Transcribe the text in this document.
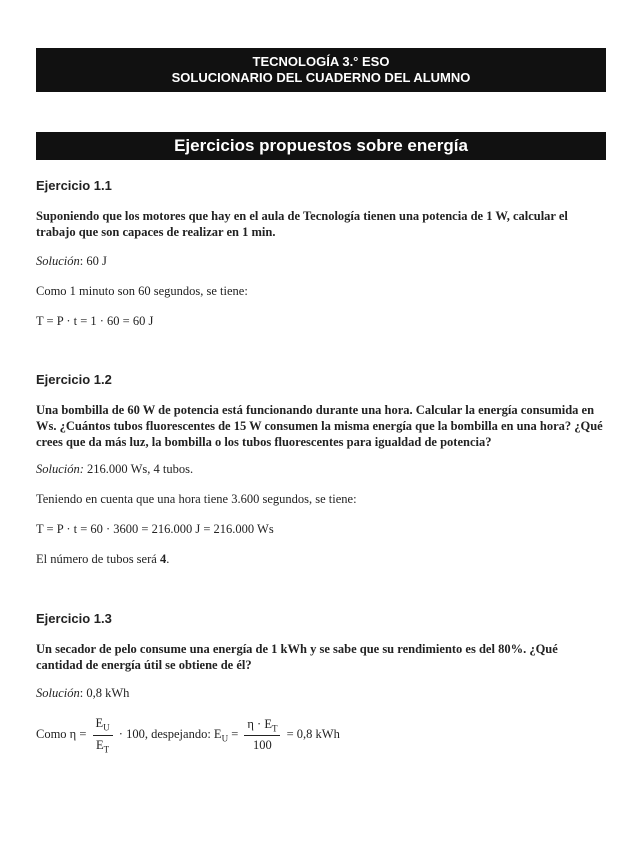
TECNOLOGÍA 3.° ESO
SOLUCIONARIO DEL CUADERNO DEL ALUMNO
Ejercicios propuestos sobre energía
Ejercicio 1.1
Suponiendo que los motores que hay en el aula de Tecnología tienen una potencia de 1 W, calcular el trabajo que son capaces de realizar en 1 min.
Solución: 60 J
Como 1 minuto son 60 segundos, se tiene:
T = P · t = 1 · 60 = 60 J
Ejercicio 1.2
Una bombilla de 60 W de potencia está funcionando durante una hora. Calcular la energía consumida en Ws. ¿Cuántos tubos fluorescentes de 15 W consumen la misma energía que la bombilla en una hora? ¿Qué crees que da más luz, la bombilla o los tubos fluorescentes para igualdad de potencia?
Solución: 216.000 Ws, 4 tubos.
Teniendo en cuenta que una hora tiene 3.600 segundos, se tiene:
T = P · t = 60 · 3600 = 216.000 J = 216.000 Ws
El número de tubos será 4.
Ejercicio 1.3
Un secador de pelo consume una energía de 1 kWh y se sabe que su rendimiento es del 80%. ¿Qué cantidad de energía útil se obtiene de él?
Solución: 0,8 kWh
Como $\eta = \frac{E_U}{E_T} \cdot 100$, despejando: $E_U = \frac{\eta \cdot E_T}{100} = 0,8$ kWh
